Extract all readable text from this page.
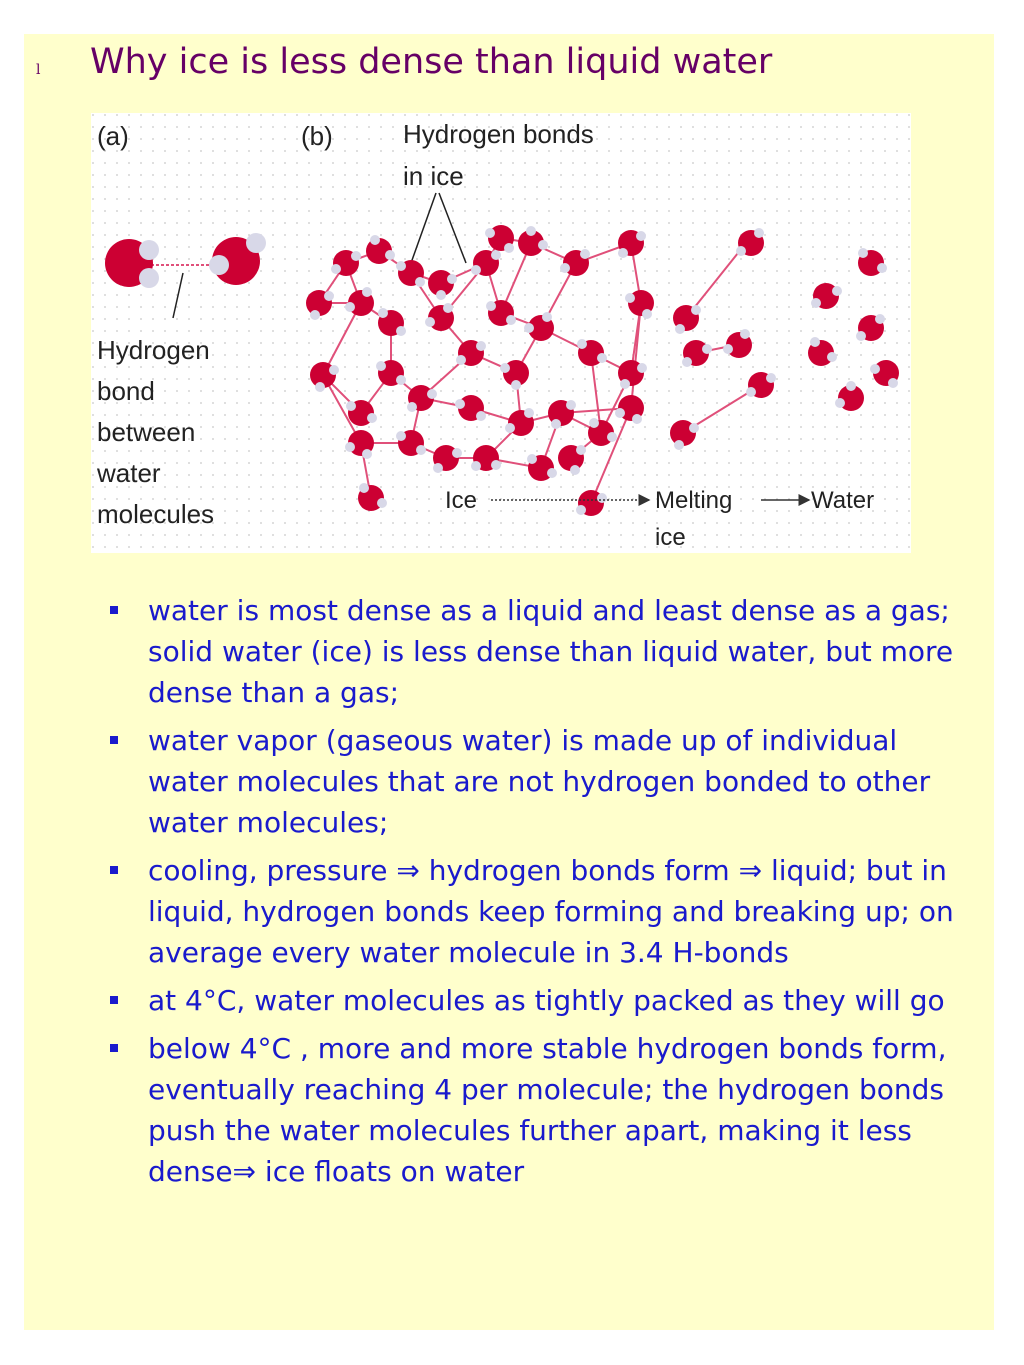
l Why ice is less dense than liquid water
(a)	(b)	Hydrogen bonds
in ice
Hydrogen
bond
between
water
molecules	Ice	Melting
ice
Water
water is most dense as a liquid and least dense as a gas; solid water (ice) is less dense than liquid water, but more dense than a gas;
water vapor (gaseous water) is made up of individual water molecules that are not hydrogen bonded to other water molecules;
cooling, pressure ⇒ hydrogen bonds form ⇒ liquid; but in liquid, hydrogen bonds keep forming and breaking up; on average every water molecule in 3.4 H-bonds
at 4°C, water molecules as tightly packed as they will go
below 4°C , more and more stable hydrogen bonds form, eventually reaching 4 per molecule; the hydrogen bonds push the water molecules further apart, making it less dense⇒ ice floats on water
